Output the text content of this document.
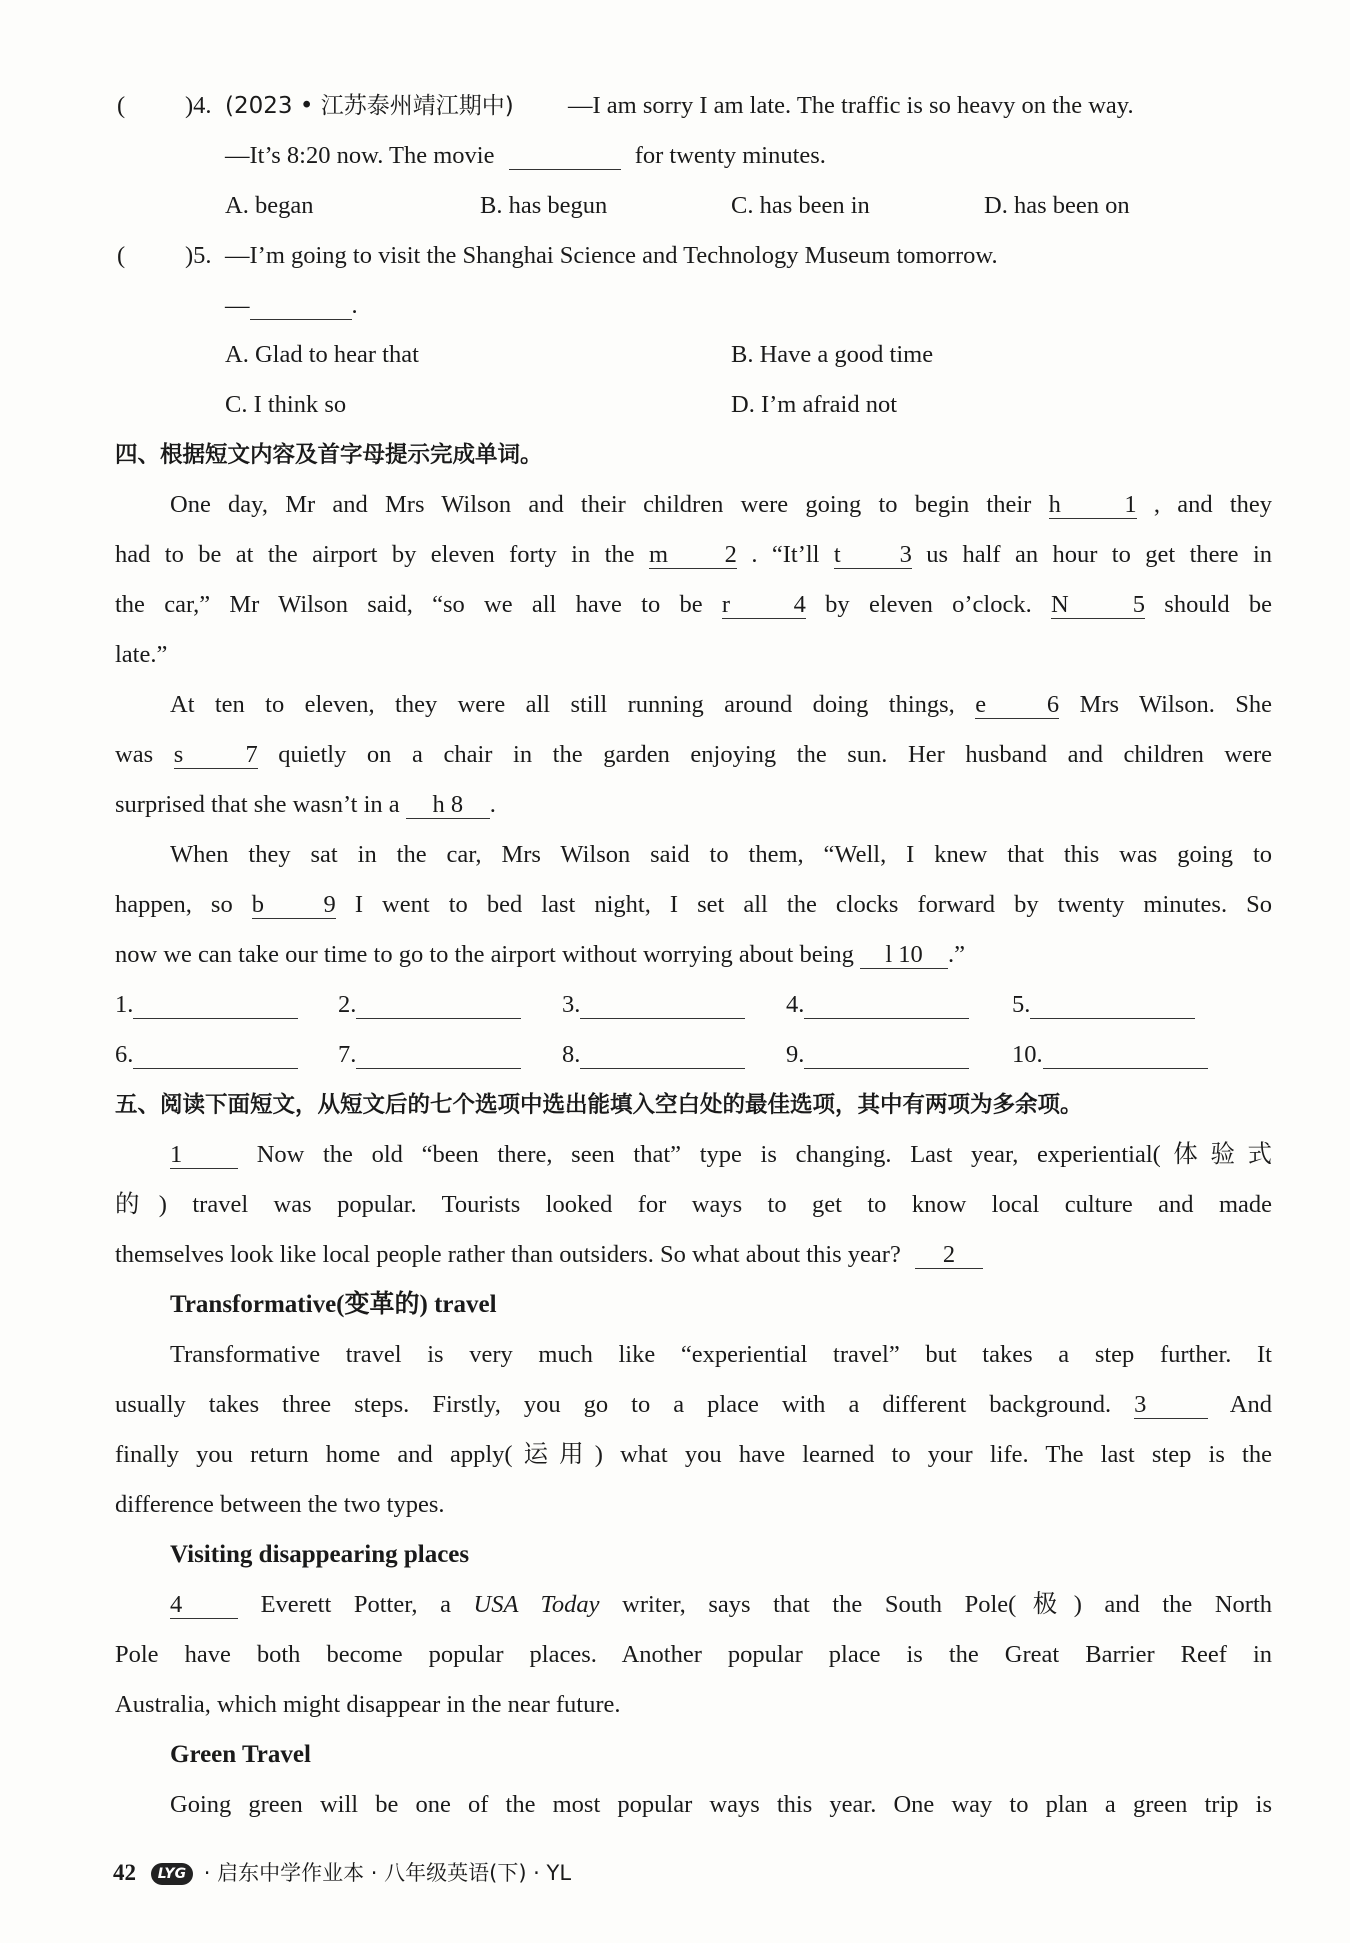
( )4. (2023 • 江苏泰州靖江期中) —I am sorry I am late. The traffic is so heavy on the way.
—It’s 8:20 now. The movie	for twenty minutes.
A. began	B. has begun	C. has been in	D. has been on
( )5. —I’m going to visit the Shanghai Science and Technology Museum tomorrow.
—	.
A. Glad to hear that	B. Have a good time
C. I think so	D. I’m afraid not
四、根据短文内容及首字母提示完成单词。
One day, Mr and Mrs Wilson and their children were going to begin their h 1 , and they
had to be at the airport by eleven forty in the m 2 . “It’ll t 3 us half an hour to get there in
the car,” Mr Wilson said, “so we all have to be r 4 by eleven o’clock. N 5 should be
late.”
At ten to eleven, they were all still running around doing things, e 6 Mrs Wilson. She
was s 7 quietly on a chair in the garden enjoying the sun. Her husband and children were
surprised that she wasn’t in a h 8 .
When they sat in the car, Mrs Wilson said to them, “Well, I knew that this was going to
happen, so b 9 I went to bed last night, I set all the clocks forward by twenty minutes. So
now we can take our time to go to the airport without worrying about being l 10 .”
1.	2.	3.	4.	5.
6.	7.	8.	9.	10.
五、阅读下面短文，从短文后的七个选项中选出能填入空白处的最佳选项，其中有两项为多余项。
1	Now the old “been there, seen that” type is changing. Last year, experiential(体验式
的) travel was popular. Tourists looked for ways to get to know local culture and made
themselves look like local people rather than outsiders. So what about this year? 2
Transformative(变革的) travel
Transformative travel is very much like “experiential travel” but takes a step further. It
usually takes three steps. Firstly, you go to a place with a different background. 3	And
finally you return home and apply(运用) what you have learned to your life. The last step is the
difference between the two types.
Visiting disappearing places
4	Everett Potter, a USA Today writer, says that the South Pole(极) and the North
Pole have both become popular places. Another popular place is the Great Barrier Reef in
Australia, which might disappear in the near future.
Green Travel
Going green will be one of the most popular ways this year. One way to plan a green trip is
42 LYG · 启东中学作业本 · 八年级英语(下) · YL
